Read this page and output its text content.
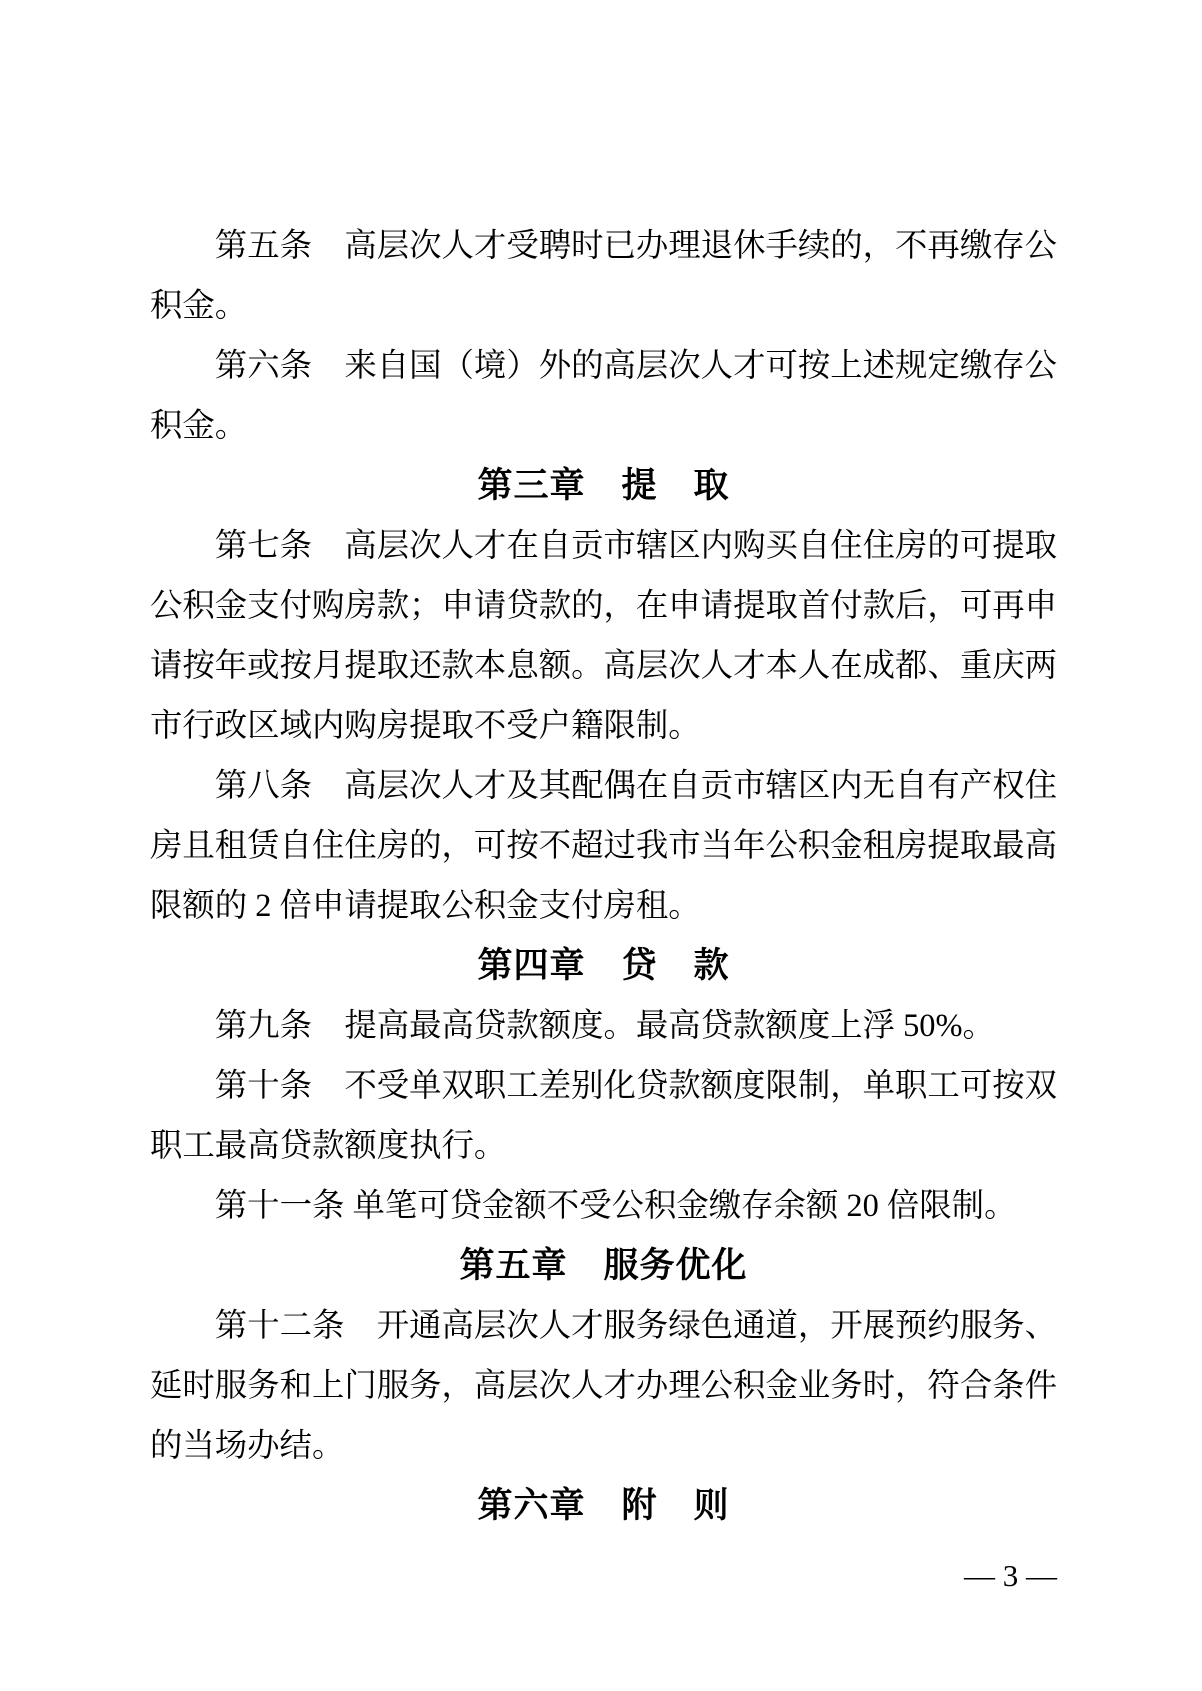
第五条　高层次人才受聘时已办理退休手续的，不再缴存公积金。

第六条　来自国（境）外的高层次人才可按上述规定缴存公积金。

第三章　提　取

第七条　高层次人才在自贡市辖区内购买自住住房的可提取公积金支付购房款；申请贷款的，在申请提取首付款后，可再申请按年或按月提取还款本息额。高层次人才本人在成都、重庆两市行政区域内购房提取不受户籍限制。

第八条　高层次人才及其配偶在自贡市辖区内无自有产权住房且租赁自住住房的，可按不超过我市当年公积金租房提取最高限额的 2 倍申请提取公积金支付房租。

第四章　贷　款

第九条　提高最高贷款额度。最高贷款额度上浮 50%。

第十条　不受单双职工差别化贷款额度限制，单职工可按双职工最高贷款额度执行。

第十一条 单笔可贷金额不受公积金缴存余额 20 倍限制。

第五章　服务优化

第十二条　开通高层次人才服务绿色通道，开展预约服务、延时服务和上门服务，高层次人才办理公积金业务时，符合条件的当场办结。

第六章　附　则

— 3 —
